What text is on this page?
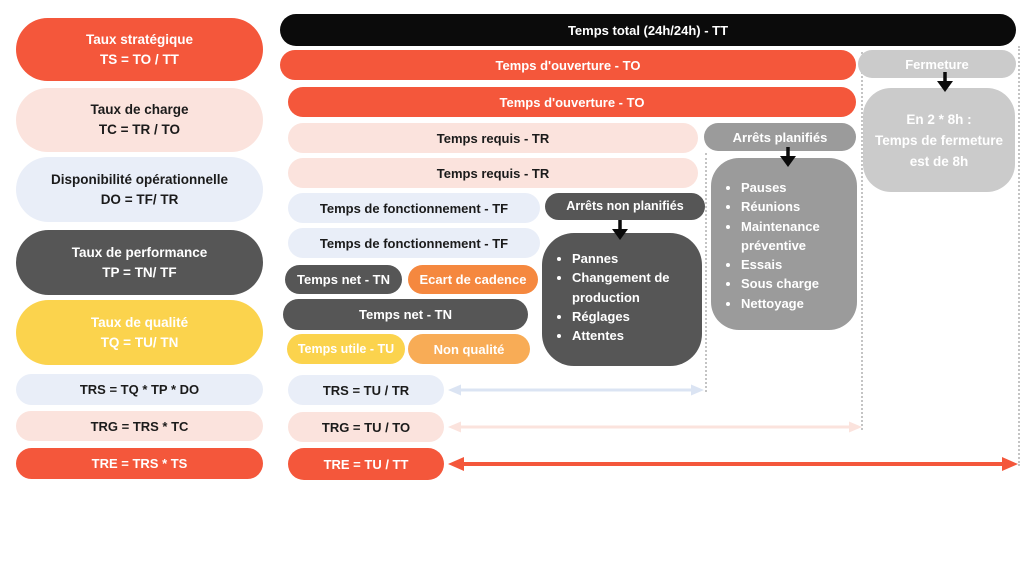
Taux stratégique
TS = TO / TT
Taux de charge
TC = TR / TO
Disponibilité opérationnelle
DO = TF/ TR
Taux de performance
TP = TN/ TF
Taux de qualité
TQ = TU/ TN
TRS = TQ * TP * DO
TRG = TRS * TC
TRE = TRS * TS
Temps total (24h/24h) - TT
Temps d'ouverture - TO	Fermeture
Temps d'ouverture - TO
Temps requis - TR	Arrêts planifiés
Temps requis - TR
Temps de fonctionnement - TF	Arrêts non planifiés
Temps de fonctionnement - TF
Temps net - TN Ecart de cadence
Temps net - TN
Temps utile - TU	Non qualité
TRS = TU / TR
TRG = TU / TO
TRE = TU / TT
En 2 * 8h :
Temps de fermeture
est de 8h
• Pauses
• Réunions
• Maintenance préventive
• Essais
• Sous charge
• Nettoyage
• Pannes
• Changement de production
• Réglages
• Attentes
